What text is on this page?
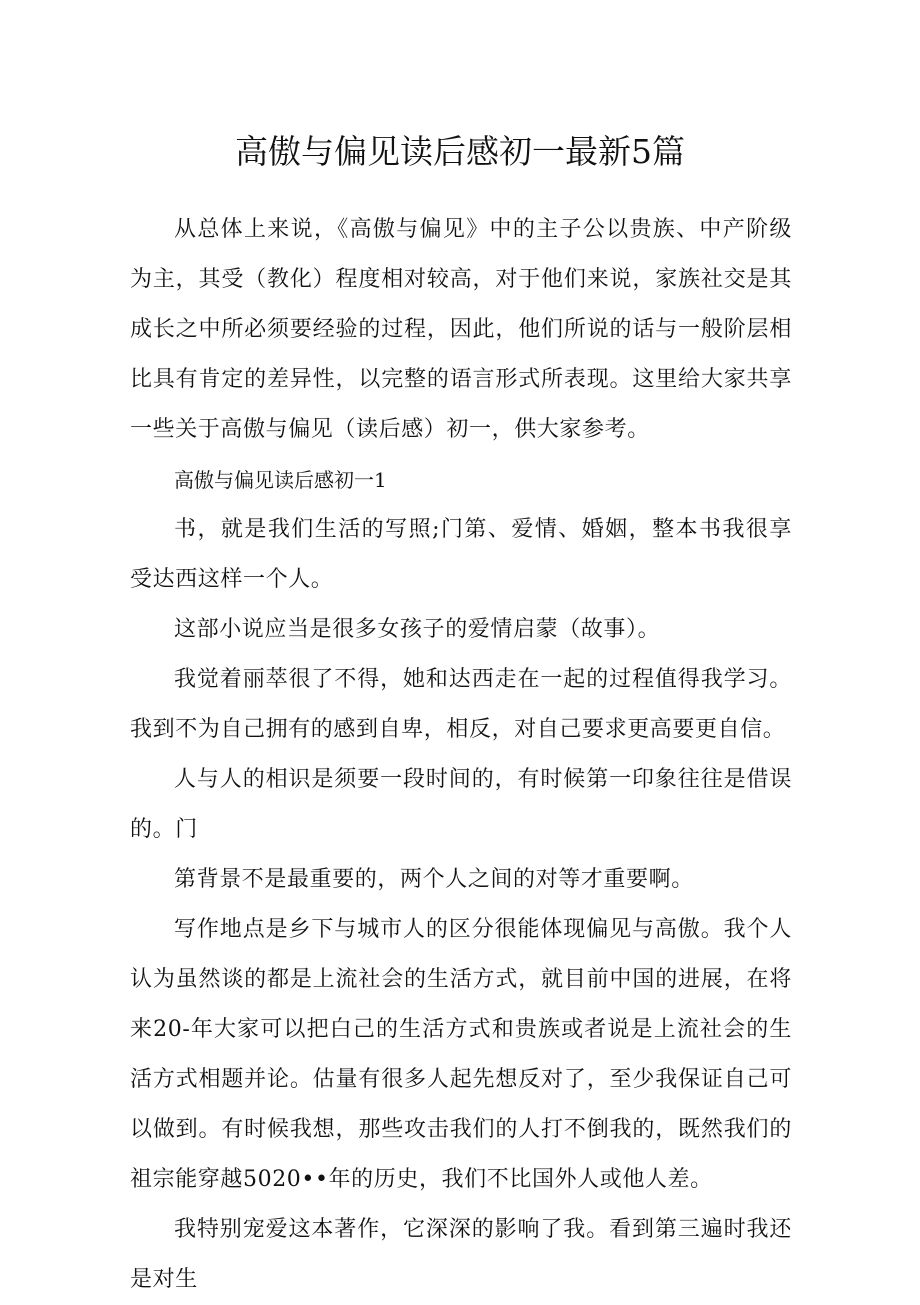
高傲与偏见读后感初一最新5篇

从总体上来说，《高傲与偏见》中的主子公以贵族、中产阶级为主，其受（教化）程度相对较高，对于他们来说，家族社交是其成长之中所必须要经验的过程，因此，他们所说的话与一般阶层相比具有肯定的差异性，以完整的语言形式所表现。这里给大家共享一些关于高傲与偏见（读后感）初一，供大家参考。

高傲与偏见读后感初一1

书，就是我们生活的写照;门第、爱情、婚姻，整本书我很享受达西这样一个人。

这部小说应当是很多女孩子的爱情启蒙（故事）。

我觉着丽萃很了不得，她和达西走在一起的过程值得我学习。我到不为自己拥有的感到自卑，相反，对自己要求更高要更自信。

人与人的相识是须要一段时间的，有时候第一印象往往是借误的。门

第背景不是最重要的，两个人之间的对等才重要啊。

写作地点是乡下与城市人的区分很能体现偏见与高傲。我个人认为虽然谈的都是上流社会的生活方式，就目前中国的进展，在将来20-年大家可以把白己的生活方式和贵族或者说是上流社会的生活方式相题并论。估量有很多人起先想反对了，至少我保证自己可以做到。有时候我想，那些攻击我们的人打不倒我的，既然我们的祖宗能穿越5020••年的历史，我们不比国外人或他人差。

我特别宠爱这本著作，它深深的影响了我。看到第三遍时我还是对生
